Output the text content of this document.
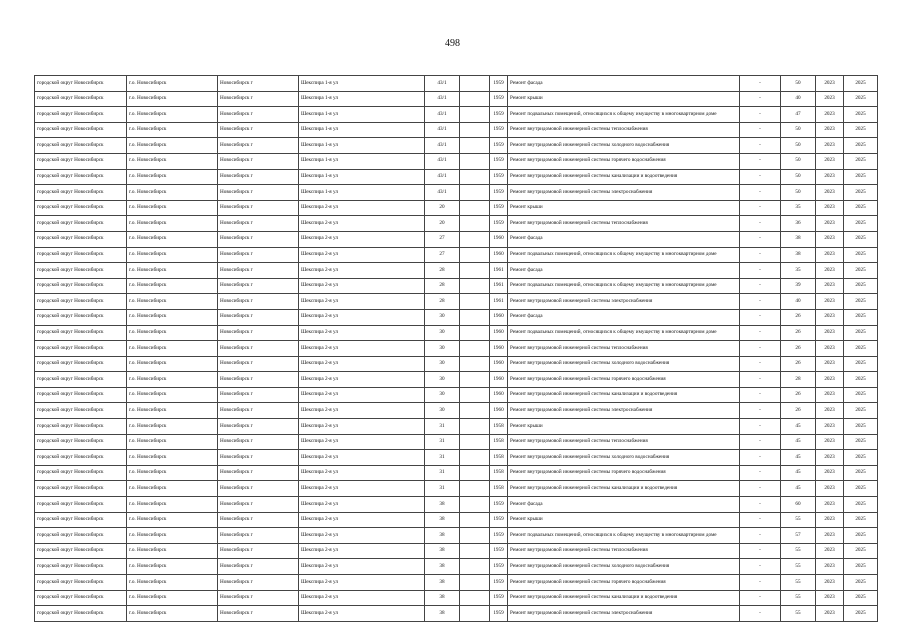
498
городской округ Новосибирск	г.о. Новосибирск	Новосибирск г	Шекспира 1-я ул	43/1		1959	Ремонт фасада	-	50	2023	2025
городской округ Новосибирск	г.о. Новосибирск	Новосибирск г	Шекспира 1-я ул	43/1		1959	Ремонт крыши	-	40	2023	2025
городской округ Новосибирск	г.о. Новосибирск	Новосибирск г	Шекспира 1-я ул	43/1		1959	Ремонт подвальных помещений, относящихся к общему имуществу в многоквартирном доме	-	47	2023	2025
городской округ Новосибирск	г.о. Новосибирск	Новосибирск г	Шекспира 1-я ул	43/1		1959	Ремонт внутридомовой инженерной системы теплоснабжения	-	50	2023	2025
городской округ Новосибирск	г.о. Новосибирск	Новосибирск г	Шекспира 1-я ул	43/1		1959	Ремонт внутридомовой инженерной системы холодного водоснабжения	-	50	2023	2025
городской округ Новосибирск	г.о. Новосибирск	Новосибирск г	Шекспира 1-я ул	43/1		1959	Ремонт внутридомовой инженерной системы горячего водоснабжения	-	50	2023	2025
городской округ Новосибирск	г.о. Новосибирск	Новосибирск г	Шекспира 1-я ул	43/1		1959	Ремонт внутридомовой инженерной системы канализации и водоотведения	-	50	2023	2025
городской округ Новосибирск	г.о. Новосибирск	Новосибирск г	Шекспира 1-я ул	43/1		1959	Ремонт внутридомовой инженерной системы электроснабжения	-	50	2023	2025
городской округ Новосибирск	г.о. Новосибирск	Новосибирск г	Шекспира 2-я ул	20		1959	Ремонт крыши	-	35	2023	2025
городской округ Новосибирск	г.о. Новосибирск	Новосибирск г	Шекспира 2-я ул	20		1959	Ремонт внутридомовой инженерной системы теплоснабжения	-	36	2023	2025
городской округ Новосибирск	г.о. Новосибирск	Новосибирск г	Шекспира 2-я ул	27		1960	Ремонт фасада	-	38	2023	2025
городской округ Новосибирск	г.о. Новосибирск	Новосибирск г	Шекспира 2-я ул	27		1960	Ремонт подвальных помещений, относящихся к общему имуществу в многоквартирном доме	-	38	2023	2025
городской округ Новосибирск	г.о. Новосибирск	Новосибирск г	Шекспира 2-я ул	28		1961	Ремонт фасада	-	35	2023	2025
городской округ Новосибирск	г.о. Новосибирск	Новосибирск г	Шекспира 2-я ул	28		1961	Ремонт подвальных помещений, относящихся к общему имуществу в многоквартирном доме	-	39	2023	2025
городской округ Новосибирск	г.о. Новосибирск	Новосибирск г	Шекспира 2-я ул	28		1961	Ремонт внутридомовой инженерной системы электроснабжения	-	40	2023	2025
городской округ Новосибирск	г.о. Новосибирск	Новосибирск г	Шекспира 2-я ул	30		1960	Ремонт фасада	-	26	2023	2025
городской округ Новосибирск	г.о. Новосибирск	Новосибирск г	Шекспира 2-я ул	30		1960	Ремонт подвальных помещений, относящихся к общему имуществу в многоквартирном доме	-	26	2023	2025
городской округ Новосибирск	г.о. Новосибирск	Новосибирск г	Шекспира 2-я ул	30		1960	Ремонт внутридомовой инженерной системы теплоснабжения	-	26	2023	2025
городской округ Новосибирск	г.о. Новосибирск	Новосибирск г	Шекспира 2-я ул	30		1960	Ремонт внутридомовой инженерной системы холодного водоснабжения	-	26	2023	2025
городской округ Новосибирск	г.о. Новосибирск	Новосибирск г	Шекспира 2-я ул	30		1960	Ремонт внутридомовой инженерной системы горячего водоснабжения	-	28	2023	2025
городской округ Новосибирск	г.о. Новосибирск	Новосибирск г	Шекспира 2-я ул	30		1960	Ремонт внутридомовой инженерной системы канализации и водоотведения	-	26	2023	2025
городской округ Новосибирск	г.о. Новосибирск	Новосибирск г	Шекспира 2-я ул	30		1960	Ремонт внутридомовой инженерной системы электроснабжения	-	26	2023	2025
городской округ Новосибирск	г.о. Новосибирск	Новосибирск г	Шекспира 2-я ул	31		1958	Ремонт крыши	-	45	2023	2025
городской округ Новосибирск	г.о. Новосибирск	Новосибирск г	Шекспира 2-я ул	31		1958	Ремонт внутридомовой инженерной системы теплоснабжения	-	45	2023	2025
городской округ Новосибирск	г.о. Новосибирск	Новосибирск г	Шекспира 2-я ул	31		1958	Ремонт внутридомовой инженерной системы холодного водоснабжения	-	45	2023	2025
городской округ Новосибирск	г.о. Новосибирск	Новосибирск г	Шекспира 2-я ул	31		1958	Ремонт внутридомовой инженерной системы горячего водоснабжения	-	45	2023	2025
городской округ Новосибирск	г.о. Новосибирск	Новосибирск г	Шекспира 2-я ул	31		1958	Ремонт внутридомовой инженерной системы канализации и водоотведения	-	45	2023	2025
городской округ Новосибирск	г.о. Новосибирск	Новосибирск г	Шекспира 2-я ул	38		1959	Ремонт фасада	-	60	2023	2025
городской округ Новосибирск	г.о. Новосибирск	Новосибирск г	Шекспира 2-я ул	38		1959	Ремонт крыши	-	55	2023	2025
городской округ Новосибирск	г.о. Новосибирск	Новосибирск г	Шекспира 2-я ул	38		1959	Ремонт подвальных помещений, относящихся к общему имуществу в многоквартирном доме	-	57	2023	2025
городской округ Новосибирск	г.о. Новосибирск	Новосибирск г	Шекспира 2-я ул	38		1959	Ремонт внутридомовой инженерной системы теплоснабжения	-	55	2023	2025
городской округ Новосибирск	г.о. Новосибирск	Новосибирск г	Шекспира 2-я ул	38		1959	Ремонт внутридомовой инженерной системы холодного водоснабжения	-	55	2023	2025
городской округ Новосибирск	г.о. Новосибирск	Новосибирск г	Шекспира 2-я ул	38		1959	Ремонт внутридомовой инженерной системы горячего водоснабжения	-	55	2023	2025
городской округ Новосибирск	г.о. Новосибирск	Новосибирск г	Шекспира 2-я ул	38		1959	Ремонт внутридомовой инженерной системы канализации и водоотведения	-	55	2023	2025
городской округ Новосибирск	г.о. Новосибирск	Новосибирск г	Шекспира 2-я ул	38		1959	Ремонт внутридомовой инженерной системы электроснабжения	-	55	2023	2025
